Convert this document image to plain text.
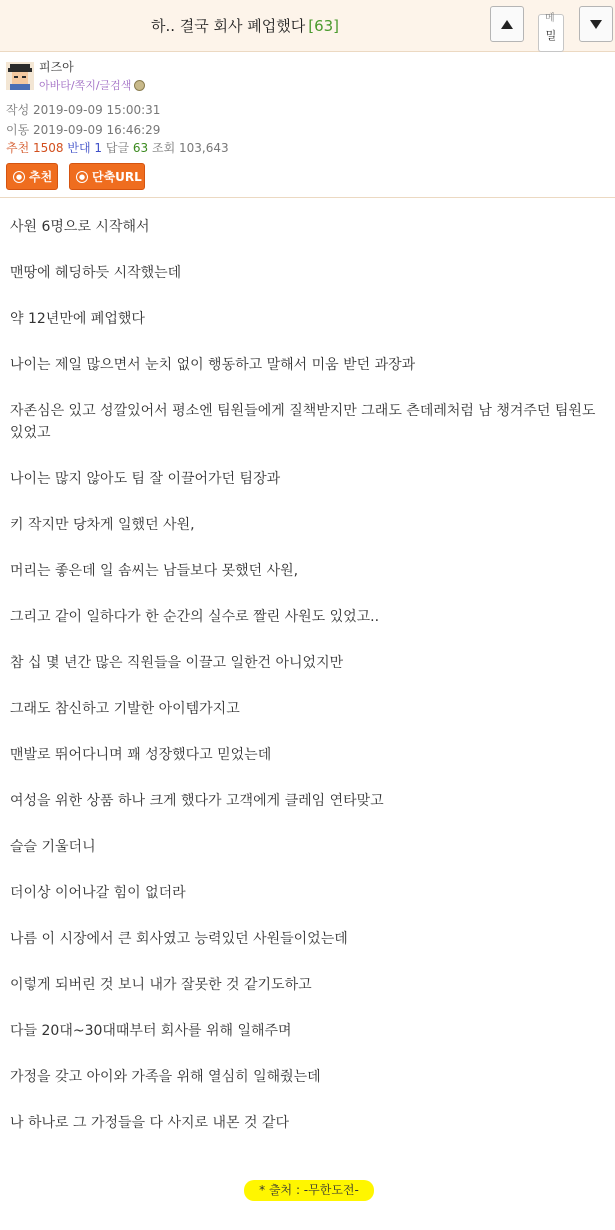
하.. 결국 회사 폐업했다 [63]	메
밀
피즈아
아바타/쪽지/글검색
작성 2019-09-09 15:00:31
이동 2019-09-09 16:46:29
추천 1508 반대 1 답글 63 조회 103,643
● 추천	● 단축URL

사원 6명으로 시작해서

맨땅에 헤딩하듯 시작했는데

약 12년만에 폐업했다

나이는 제일 많으면서 눈치 없이 행동하고 말해서 미움 받던 과장과

자존심은 있고 성깔있어서 평소엔 팀원들에게 질책받지만 그래도 츤데레처럼 남 챙겨주던 팀원도 있었고

나이는 많지 않아도 팀 잘 이끌어가던 팀장과

키 작지만 당차게 일했던 사원,

머리는 좋은데 일 솜씨는 남들보다 못했던 사원,

그리고 같이 일하다가 한 순간의 실수로 짤린 사원도 있었고..

참 십 몇 년간 많은 직원들을 이끌고 일한건 아니었지만

그래도 참신하고 기발한 아이템가지고

맨발로 뛰어다니며 꽤 성장했다고 믿었는데

여성을 위한 상품 하나 크게 했다가 고객에게 클레임 연타맞고

슬슬 기울더니

더이상 이어나갈 힘이 없더라

나름 이 시장에서 큰 회사였고 능력있던 사원들이었는데

이렇게 되버린 것 보니 내가 잘못한 것 같기도하고

다들 20대~30대때부터 회사를 위해 일해주며

가정을 갖고 아이와 가족을 위해 열심히 일해줬는데

나 하나로 그 가정들을 다 사지로 내몬 것 같다

* 출처 : -무한도전-
